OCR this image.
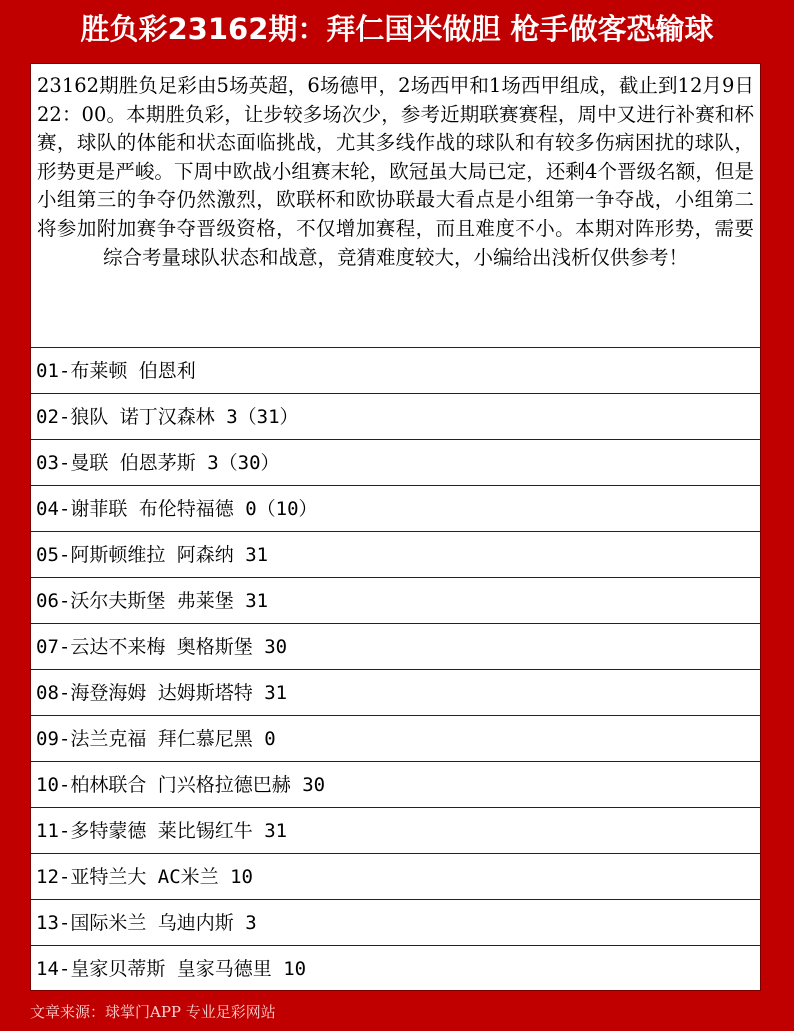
胜负彩23162期：拜仁国米做胆 枪手做客恐输球
23162期胜负足彩由5场英超，6场德甲，2场西甲和1场西甲组成，截止到12月9日22：00。本期胜负彩，让步较多场次少，参考近期联赛赛程，周中又进行补赛和杯赛，球队的体能和状态面临挑战，尤其多线作战的球队和有较多伤病困扰的球队，形势更是严峻。下周中欧战小组赛末轮，欧冠虽大局已定，还剩4个晋级名额，但是小组第三的争夺仍然激烈，欧联杯和欧协联最大看点是小组第一争夺战，小组第二将参加附加赛争夺晋级资格，不仅增加赛程，而且难度不小。本期对阵形势，需要综合考量球队状态和战意，竞猜难度较大，小编给出浅析仅供参考！
01-布莱顿 伯恩利
02-狼队 诺丁汉森林 3（31）
03-曼联 伯恩茅斯 3（30）
04-谢菲联 布伦特福德 0（10）
05-阿斯顿维拉 阿森纳 31
06-沃尔夫斯堡 弗莱堡 31
07-云达不来梅 奥格斯堡 30
08-海登海姆 达姆斯塔特 31
09-法兰克福 拜仁慕尼黑 0
10-柏林联合 门兴格拉德巴赫 30
11-多特蒙德 莱比锡红牛 31
12-亚特兰大 AC米兰 10
13-国际米兰 乌迪内斯 3
14-皇家贝蒂斯 皇家马德里 10
文章来源：球掌门APP 专业足彩网站
